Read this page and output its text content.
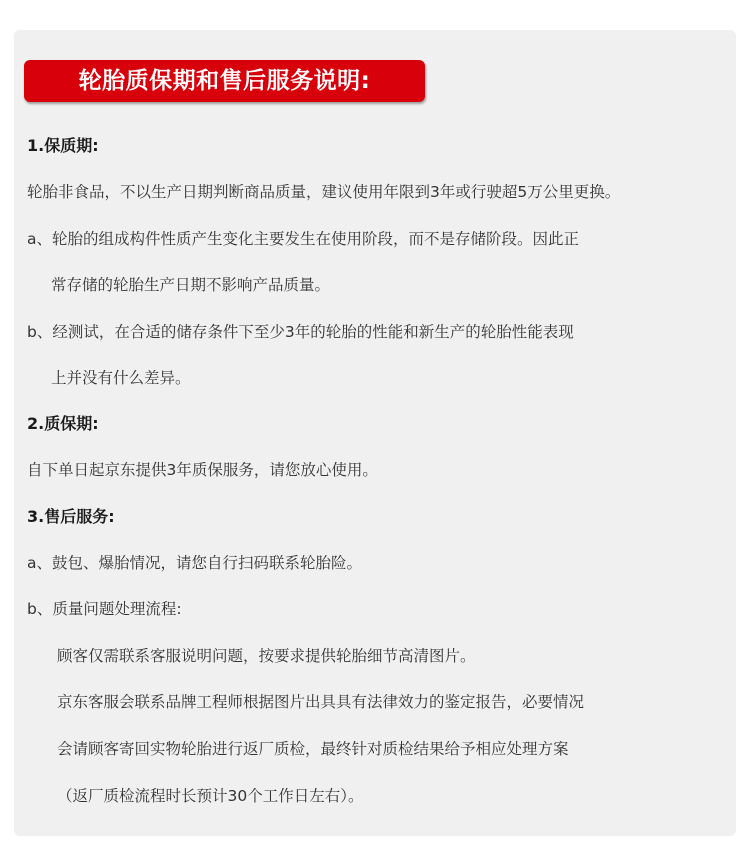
轮胎质保期和售后服务说明:
1.保质期:
轮胎非食品，不以生产日期判断商品质量，建议使用年限到3年或行驶超5万公里更换。
a、轮胎的组成构件性质产生变化主要发生在使用阶段，而不是存储阶段。因此正
常存储的轮胎生产日期不影响产品质量。
b、经测试，在合适的储存条件下至少3年的轮胎的性能和新生产的轮胎性能表现
上并没有什么差异。
2.质保期:
自下单日起京东提供3年质保服务，请您放心使用。
3.售后服务:
a、鼓包、爆胎情况，请您自行扫码联系轮胎险。
b、质量问题处理流程:
顾客仅需联系客服说明问题，按要求提供轮胎细节高清图片。
京东客服会联系品牌工程师根据图片出具具有法律效力的鉴定报告，必要情况
会请顾客寄回实物轮胎进行返厂质检，最终针对质检结果给予相应处理方案
（返厂质检流程时长预计30个工作日左右）。
